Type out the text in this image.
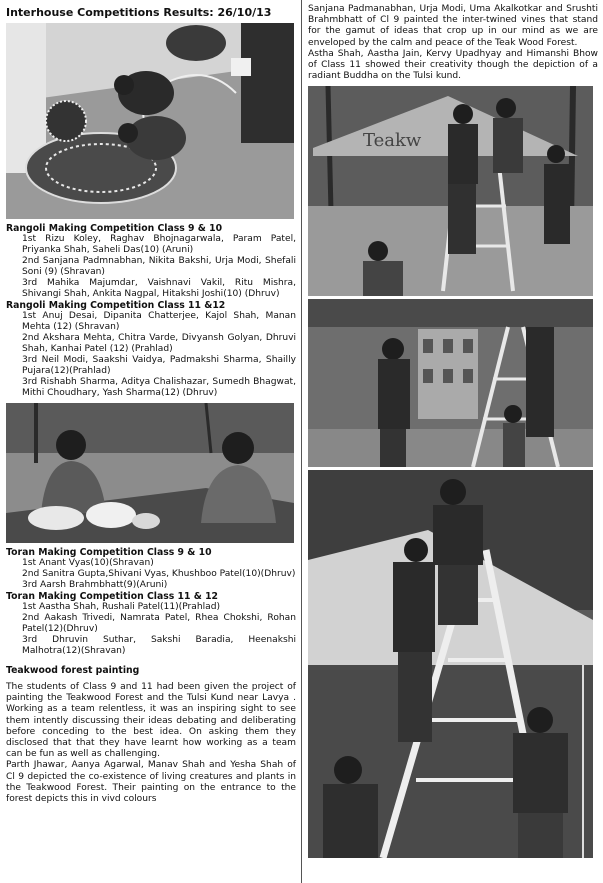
Interhouse Competitions Results: 26/10/13

Rangoli Making Competition Class 9 & 10

1st Rizu Koley, Raghav Bhojnagarwala, Param Patel, Priyanka Shah, Saheli Das(10) (Aruni)

2nd Sanjana Padmnabhan, Nikita Bakshi, Urja Modi, Shefali Soni (9) (Shravan)

3rd Mahika Majumdar, Vaishnavi Vakil, Ritu Mishra, Shivangi Shah, Ankita Nagpal, Hitakshi Joshi(10) (Dhruv)

Rangoli Making Competition Class 11 &12

1st Anuj Desai, Dipanita Chatterjee, Kajol Shah, Manan Mehta (12) (Shravan)

2nd Akshara Mehta, Chitra Varde, Divyansh Golyan, Dhruvi Shah, Kanhai Patel (12) (Prahlad)

3rd Neil Modi, Saakshi Vaidya, Padmakshi Sharma, Shailly Pujara(12)(Prahlad)

3rd Rishabh Sharma, Aditya Chalishazar, Sumedh Bhagwat, Mithi Choudhary, Yash Sharma(12) (Dhruv)

Toran Making Competition Class 9 & 10

1st Anant Vyas(10)(Shravan)

2nd Sanitra Gupta,Shivani Vyas, Khushboo Patel(10)(Dhruv)

3rd Aarsh Brahmbhatt(9)(Aruni)

Toran Making Competition Class 11 & 12

1st Aastha Shah, Rushali Patel(11)(Prahlad)

2nd Aakash Trivedi, Namrata Patel, Rhea Chokshi, Rohan Patel(12)(Dhruv)

3rd Dhruvin Suthar, Sakshi Baradia, Heenakshi Malhotra(12)(Shravan)

Teakwood forest painting

The students of Class 9 and 11 had been given the project of painting the Teakwood Forest and the Tulsi Kund near Lavya . Working as a team relentless, it was an inspiring sight to see them intently discussing their ideas debating and deliberating before conceding to the best idea. On asking them they disclosed that that they have learnt how working as a team can be fun as well as challenging.

Parth Jhawar, Aanya Agarwal, Manav Shah and Yesha Shah of Cl 9 depicted the co-existence of living creatures and plants in the Teakwood Forest. Their painting on the entrance to the forest depicts this in vivd colours

Sanjana Padmanabhan, Urja Modi, Uma Akalkotkar and Srushti Brahmbhatt of Cl 9 painted the inter-twined vines that stand for the gamut of ideas that crop up in our mind as we are enveloped by the calm and peace of the Teak Wood Forest.

Astha Shah, Aastha Jain, Kervy Upadhyay and Himanshi Bhow of Class 11 showed their creativity though the depiction of a radiant Buddha on the Tulsi kund.

Teakw
